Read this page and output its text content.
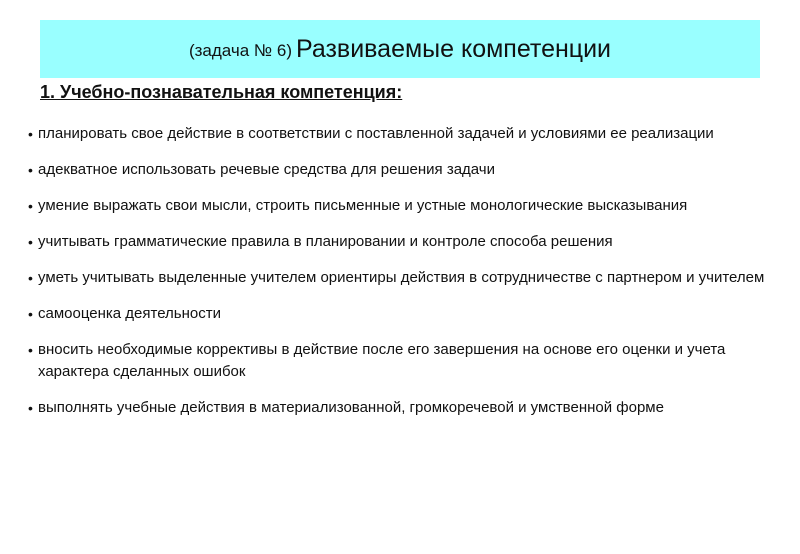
(задача № 6) Развиваемые компетенции
1. Учебно-познавательная компетенция:
• планировать свое действие в соответствии с поставленной задачей и условиями ее реализации
• адекватное использовать речевые средства для решения задачи
• умение выражать свои мысли, строить письменные и устные монологические высказывания
• учитывать грамматические правила в планировании и контроле способа решения
• уметь учитывать выделенные учителем ориентиры действия в сотрудничестве с партнером и учителем
• самооценка деятельности
• вносить необходимые коррективы в действие после его завершения на основе его оценки и учета характера сделанных ошибок
• выполнять учебные действия в материализованной, громкоречевой и умственной форме
